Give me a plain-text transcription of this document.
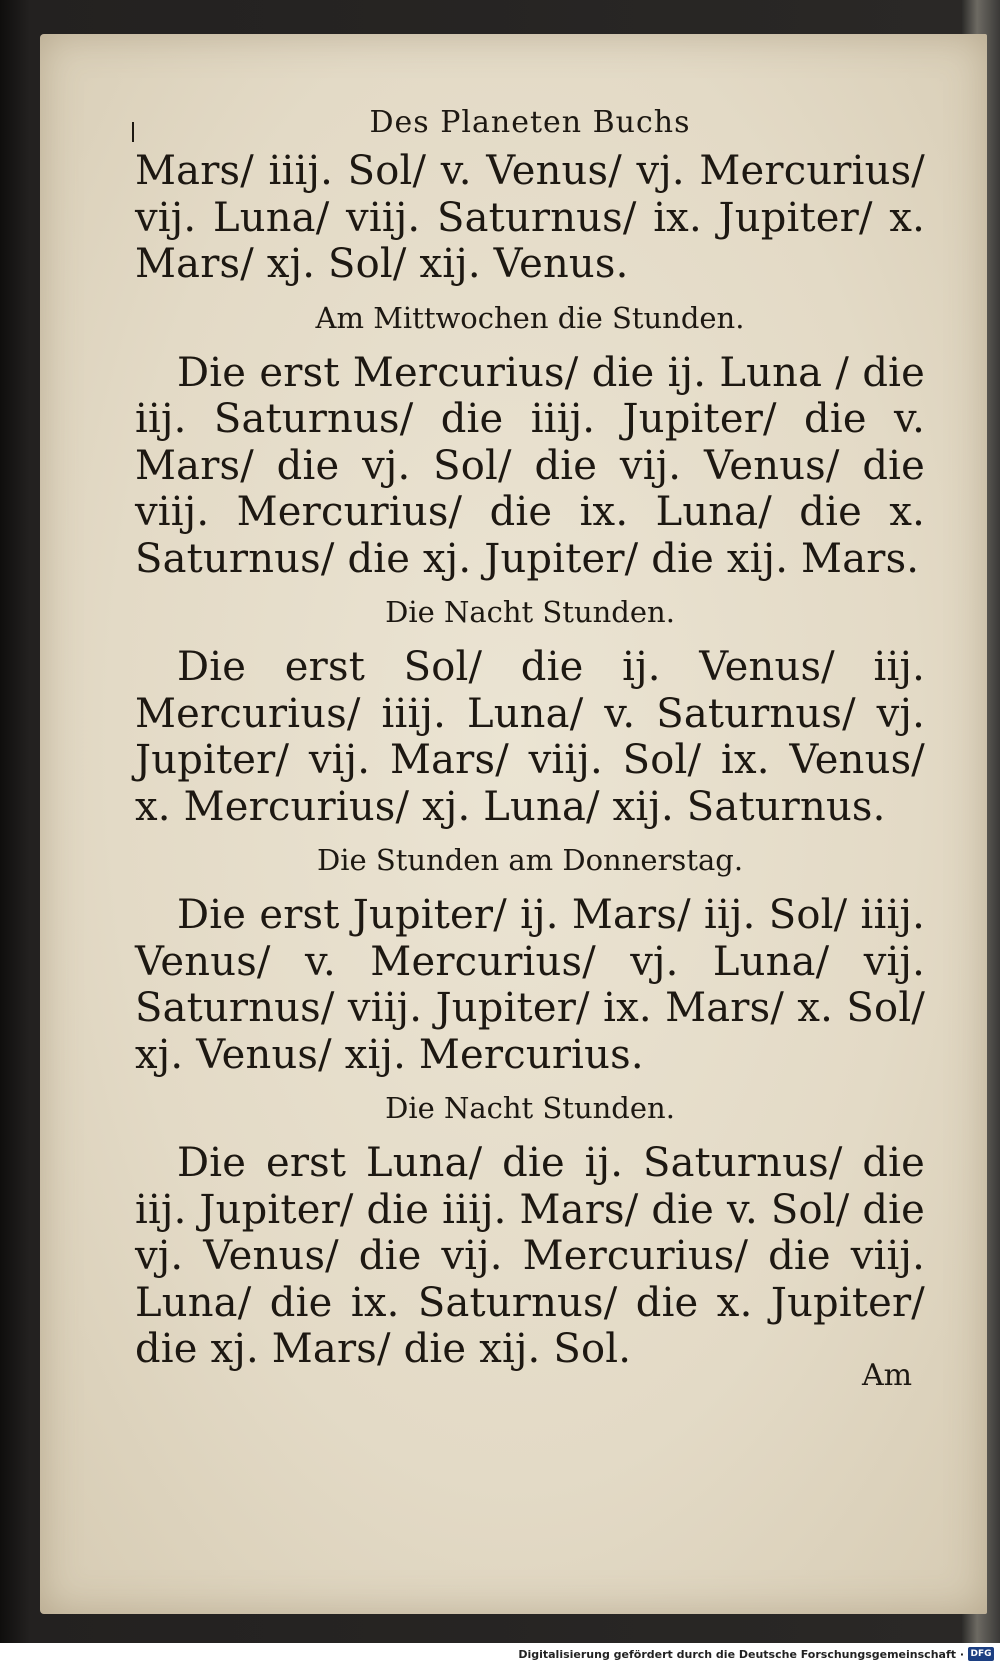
Des Planeten Buchs

Mars/ iiij. Sol/ v. Venus/ vj. Mercurius/ vij. Luna/ viij. Saturnus/ ix. Jupiter/ x. Mars/ xj. Sol/ xij. Venus.

Am Mittwochen die Stunden.

Die erst Mercurius/ die ij. Luna / die iij. Saturnus/ die iiij. Jupiter/ die v. Mars/ die vj. Sol/ die vij. Venus/ die viij. Mercurius/ die ix. Luna/ die x. Saturnus/ die xj. Jupiter/ die xij. Mars.

Die Nacht Stunden.

Die erst Sol/ die ij. Venus/ iij. Mercurius/ iiij. Luna/ v. Saturnus/ vj. Jupiter/ vij. Mars/ viij. Sol/ ix. Venus/ x. Mercurius/ xj. Luna/ xij. Saturnus.

Die Stunden am Donnerstag.

Die erst Jupiter/ ij. Mars/ iij. Sol/ iiij. Venus/ v. Mercurius/ vj. Luna/ vij. Saturnus/ viij. Jupiter/ ix. Mars/ x. Sol/ xj. Venus/ xij. Mercurius.

Die Nacht Stunden.

Die erst Luna/ die ij. Saturnus/ die iij. Jupiter/ die iiij. Mars/ die v. Sol/ die vj. Venus/ die vij. Mercurius/ die viij. Luna/ die ix. Saturnus/ die x. Jupiter/ die xj. Mars/ die xij. Sol.

Am
Digitalisierung gefördert durch die Deutsche Forschungsgemeinschaft · DFG
